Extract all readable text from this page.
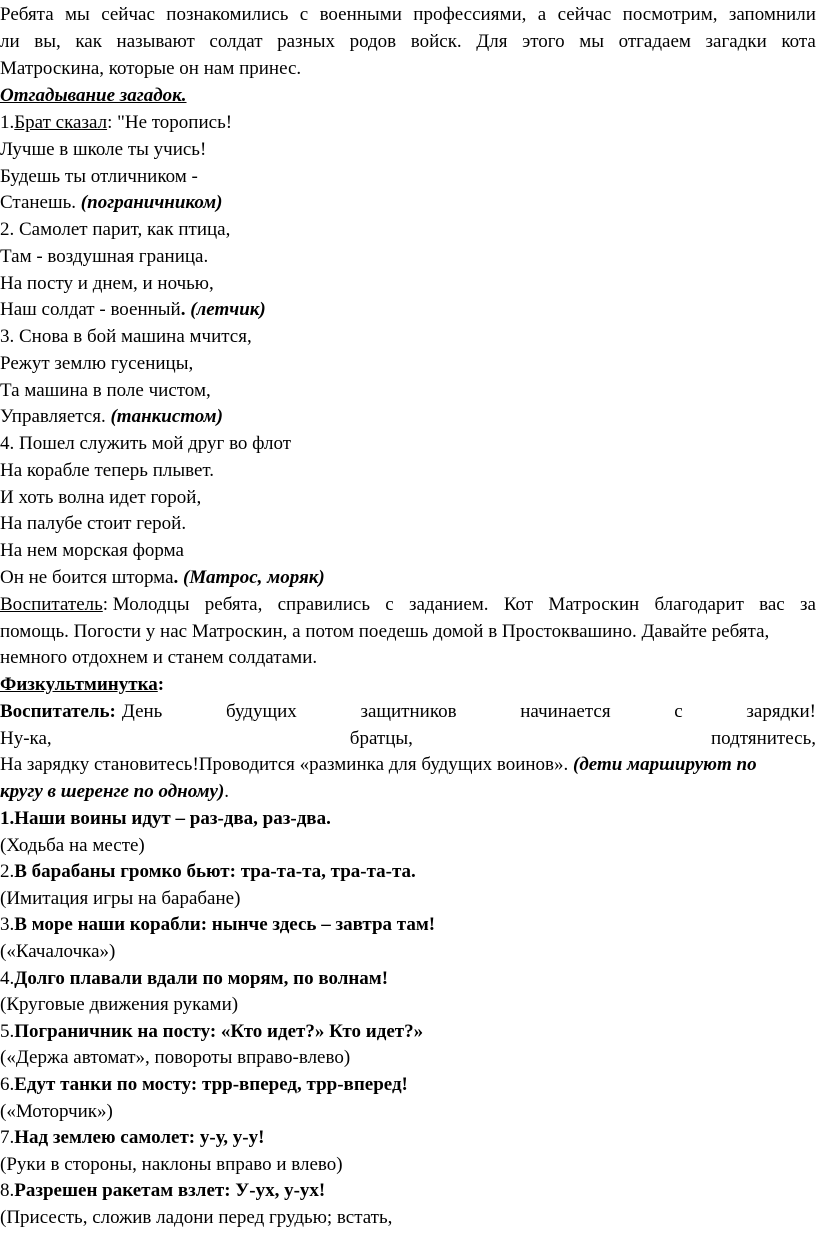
Ребята мы сейчас познакомились с военными профессиями, а сейчас посмотрим, запомнили
ли вы, как называют солдат разных родов войск. Для этого мы отгадаем загадки кота
Матроскина, которые он нам принес.
Отгадывание загадок.
1.Брат сказал: "Не торопись!
Лучше в школе ты учись!
Будешь ты отличником -
Станешь. (пограничником)
2. Самолет парит, как птица,
Там - воздушная граница.
На посту и днем, и ночью,
Наш солдат - военный. (летчик)
3. Снова в бой машина мчится,
Режут землю гусеницы,
Та машина в поле чистом,
Управляется. (танкистом)
4. Пошел служить мой друг во флот
На корабле теперь плывет.
И хоть волна идет горой,
На палубе стоит герой.
На нем морская форма
Он не боится шторма. (Матрос, моряк)
Воспитатель : Молодцы ребята, справились с заданием. Кот Матроскин благодарит вас за
помощь. Погости у нас Матроскин, а потом поедешь домой в Простоквашино. Давайте ребята,
немного отдохнем и станем солдатами.
Физкультминутка:
Воспитатель: День	будущих	защитников	начинается	с	зарядки!
Ну-ка,	братцы,	подтянитесь,
На зарядку становитесь!Проводится «разминка для будущих воинов». (дети маршируют по
кругу в шеренге по одному).
1.Наши воины идут – раз-два, раз-два.
(Ходьба на месте)
2.В барабаны громко бьют: тра-та-та, тра-та-та.
(Имитация игры на барабане)
3.В море наши корабли: нынче здесь – завтра там!
(«Качалочка»)
4.Долго плавали вдали по морям, по волнам!
(Круговые движения руками)
5.Пограничник на посту: «Кто идет?» Кто идет?»
(«Держа автомат», повороты вправо-влево)
6.Едут танки по мосту: трр-вперед, трр-вперед!
(«Моторчик»)
7.Над землею самолет: у-у, у-у!
(Руки в стороны, наклоны вправо и влево)
8.Разрешен ракетам взлет: У-ух, у-ух!
(Присесть, сложив ладони перед грудью; встать,
